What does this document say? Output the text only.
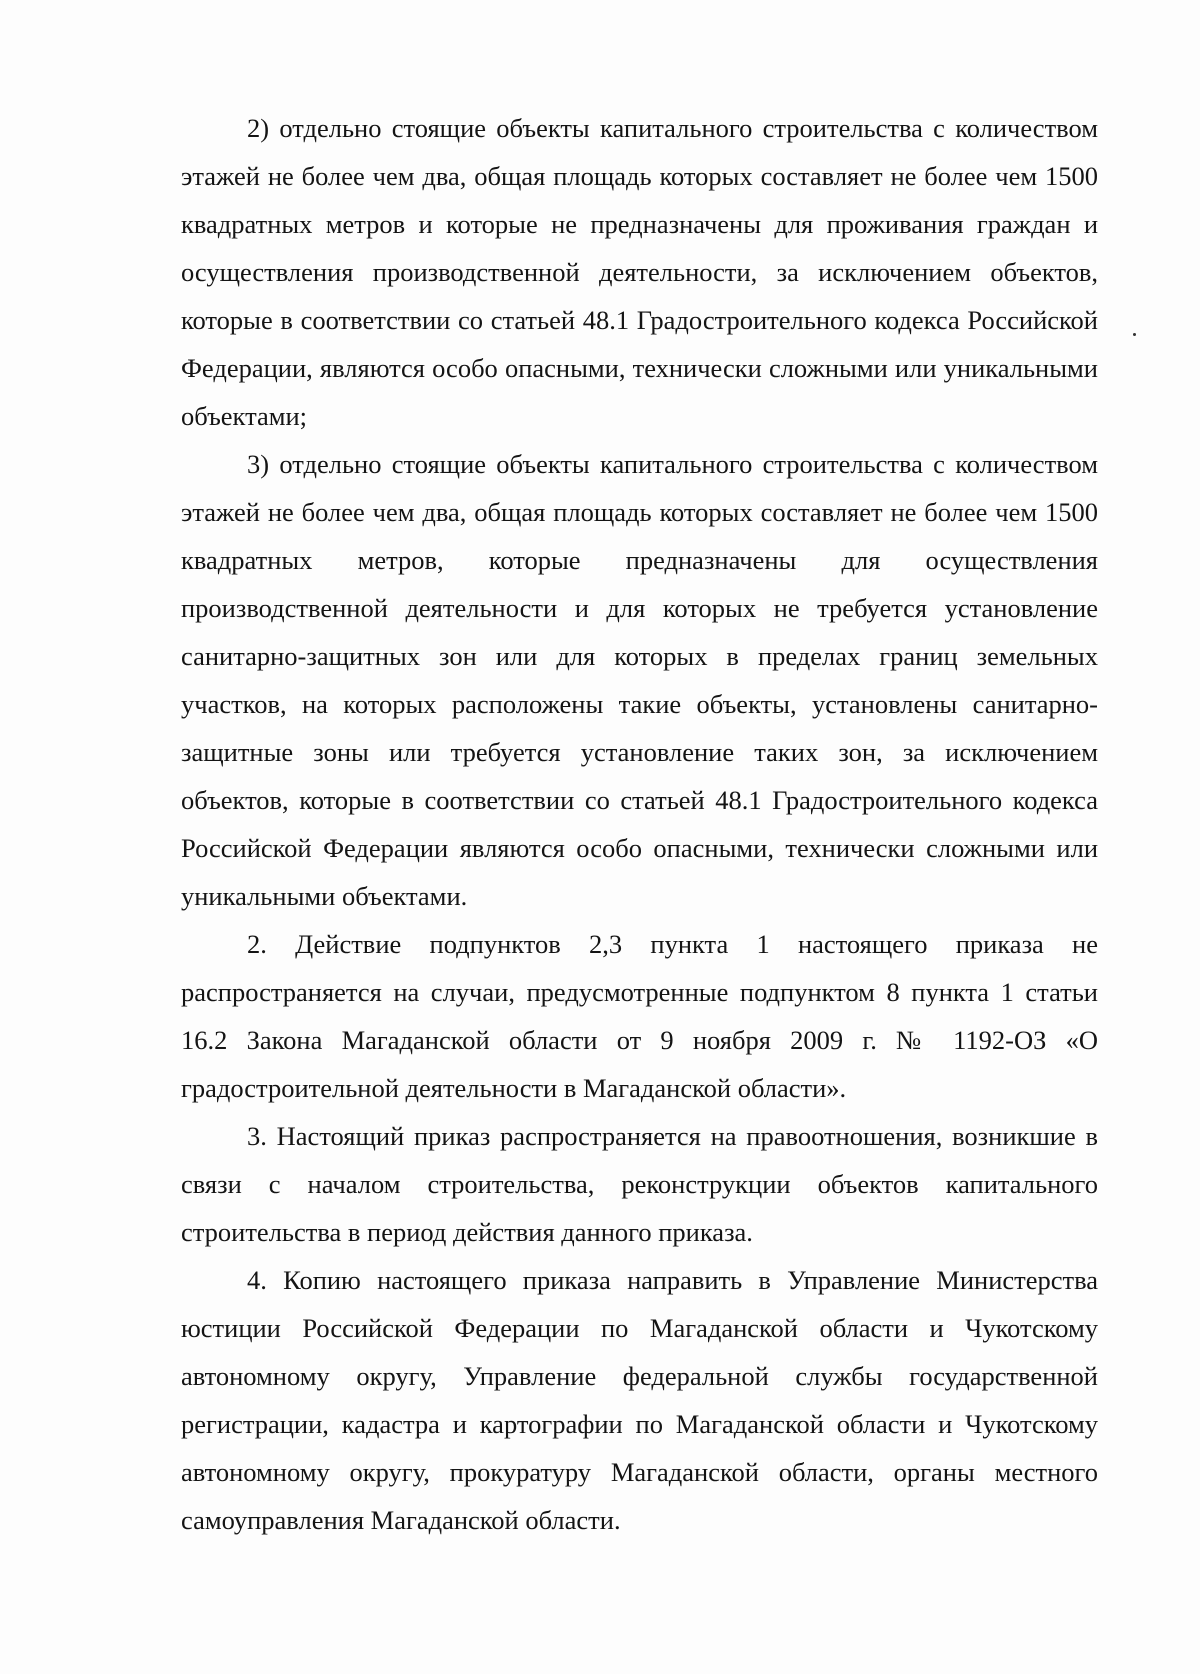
2) отдельно стоящие объекты капитального строительства с количеством этажей не более чем два, общая площадь которых составляет не более чем 1500 квадратных метров и которые не предназначены для проживания граждан и осуществления производственной деятельности, за исключением объектов, которые в соответствии со статьей 48.1 Градостроительного кодекса Российской Федерации, являются особо опасными, технически сложными или уникальными объектами;

3) отдельно стоящие объекты капитального строительства с количеством этажей не более чем два, общая площадь которых составляет не более чем 1500 квадратных метров, которые предназначены для осуществления производственной деятельности и для которых не требуется установление санитарно-защитных зон или для которых в пределах границ земельных участков, на которых расположены такие объекты, установлены санитарно-защитные зоны или требуется установление таких зон, за исключением объектов, которые в соответствии со статьей 48.1 Градостроительного кодекса Российской Федерации являются особо опасными, технически сложными или уникальными объектами.

2. Действие подпунктов 2,3 пункта 1 настоящего приказа не распространяется на случаи, предусмотренные подпунктом 8 пункта 1 статьи 16.2 Закона Магаданской области от 9 ноября 2009 г. № 1192-ОЗ «О градостроительной деятельности в Магаданской области».

3. Настоящий приказ распространяется на правоотношения, возникшие в связи с началом строительства, реконструкции объектов капитального строительства в период действия данного приказа.

4. Копию настоящего приказа направить в Управление Министерства юстиции Российской Федерации по Магаданской области и Чукотскому автономному округу, Управление федеральной службы государственной регистрации, кадастра и картографии по Магаданской области и Чукотскому автономному округу, прокуратуру Магаданской области, органы местного самоуправления Магаданской области.
